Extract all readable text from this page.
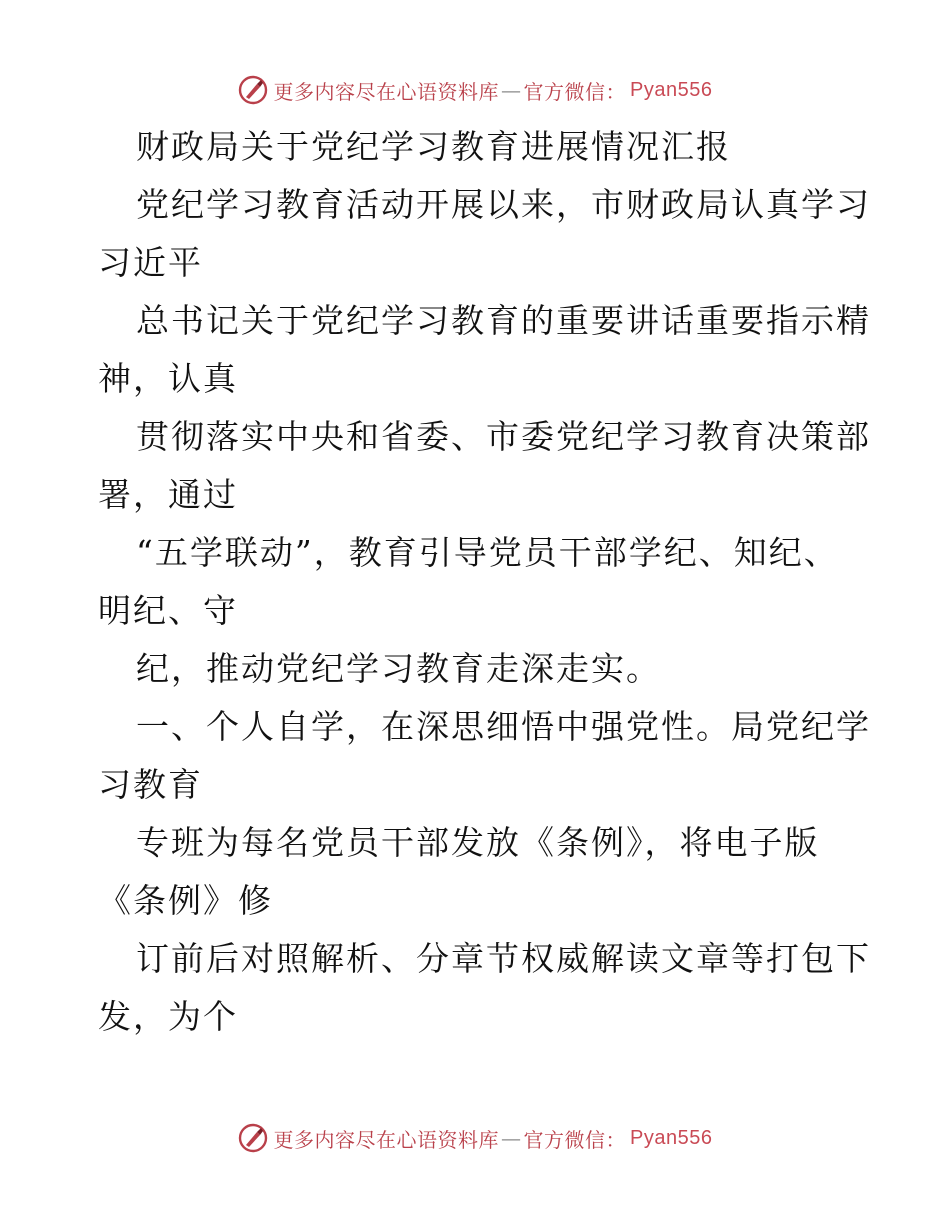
更多内容尽在心语资料库 — 官方微信 ： Pyan556
财政局关于党纪学习教育进展情况汇报
党纪学习教育活动开展以来，市财政局认真学习
习近平
总书记关于党纪学习教育的重要讲话重要指示精
神，认真
贯彻落实中央和省委、市委党纪学习教育决策部
署，通过
“五学联动”，教育引导党员干部学纪、知纪、
明纪、守
纪，推动党纪学习教育走深走实。
一、个人自学，在深思细悟中强党性。局党纪学
习教育
专班为每名党员干部发放《条例》，将电子版
《条例》修
订前后对照解析、分章节权威解读文章等打包下
发，为个
更多内容尽在心语资料库 — 官方微信 ： Pyan556
